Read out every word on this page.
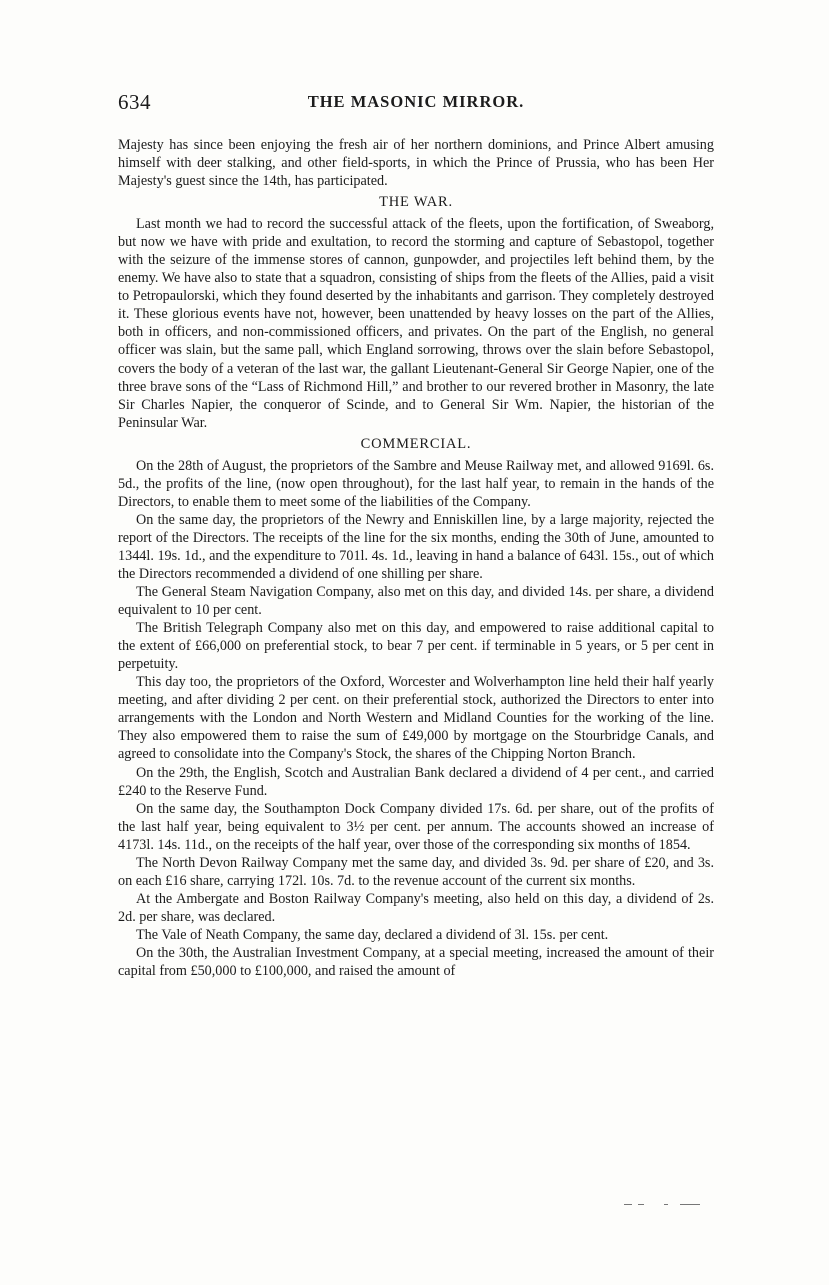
634	THE MASONIC MIRROR.

Majesty has since been enjoying the fresh air of her northern dominions, and Prince Albert amusing himself with deer stalking, and other field-sports, in which the Prince of Prussia, who has been Her Majesty's guest since the 14th, has participated.

THE WAR.

Last month we had to record the successful attack of the fleets, upon the fortification, of Sweaborg, but now we have with pride and exultation, to record the storming and capture of Sebastopol, together with the seizure of the immense stores of cannon, gunpowder, and projectiles left behind them, by the enemy. We have also to state that a squadron, consisting of ships from the fleets of the Allies, paid a visit to Petropaulorski, which they found deserted by the inhabitants and garrison. They completely destroyed it. These glorious events have not, however, been unattended by heavy losses on the part of the Allies, both in officers, and non-commissioned officers, and privates. On the part of the English, no general officer was slain, but the same pall, which England sorrowing, throws over the slain before Sebastopol, covers the body of a veteran of the last war, the gallant Lieutenant-General Sir George Napier, one of the three brave sons of the “Lass of Richmond Hill,” and brother to our revered brother in Masonry, the late Sir Charles Napier, the conqueror of Scinde, and to General Sir Wm. Napier, the historian of the Peninsular War.

COMMERCIAL.

On the 28th of August, the proprietors of the Sambre and Meuse Railway met, and allowed 9169l. 6s. 5d., the profits of the line, (now open throughout), for the last half year, to remain in the hands of the Directors, to enable them to meet some of the liabilities of the Company.

On the same day, the proprietors of the Newry and Enniskillen line, by a large majority, rejected the report of the Directors. The receipts of the line for the six months, ending the 30th of June, amounted to 1344l. 19s. 1d., and the expenditure to 701l. 4s. 1d., leaving in hand a balance of 643l. 15s., out of which the Directors recommended a dividend of one shilling per share.

The General Steam Navigation Company, also met on this day, and divided 14s. per share, a dividend equivalent to 10 per cent.

The British Telegraph Company also met on this day, and empowered to raise additional capital to the extent of £66,000 on preferential stock, to bear 7 per cent. if terminable in 5 years, or 5 per cent in perpetuity.

This day too, the proprietors of the Oxford, Worcester and Wolverhampton line held their half yearly meeting, and after dividing 2 per cent. on their preferential stock, authorized the Directors to enter into arrangements with the London and North Western and Midland Counties for the working of the line. They also empowered them to raise the sum of £49,000 by mortgage on the Stourbridge Canals, and agreed to consolidate into the Company's Stock, the shares of the Chipping Norton Branch.

On the 29th, the English, Scotch and Australian Bank declared a dividend of 4 per cent., and carried £240 to the Reserve Fund.

On the same day, the Southampton Dock Company divided 17s. 6d. per share, out of the profits of the last half year, being equivalent to 3½ per cent. per annum. The accounts showed an increase of 4173l. 14s. 11d., on the receipts of the half year, over those of the corresponding six months of 1854.

The North Devon Railway Company met the same day, and divided 3s. 9d. per share of £20, and 3s. on each £16 share, carrying 172l. 10s. 7d. to the revenue account of the current six months.

At the Ambergate and Boston Railway Company's meeting, also held on this day, a dividend of 2s. 2d. per share, was declared.

The Vale of Neath Company, the same day, declared a dividend of 3l. 15s. per cent.

On the 30th, the Australian Investment Company, at a special meeting, increased the amount of their capital from £50,000 to £100,000, and raised the amount of
